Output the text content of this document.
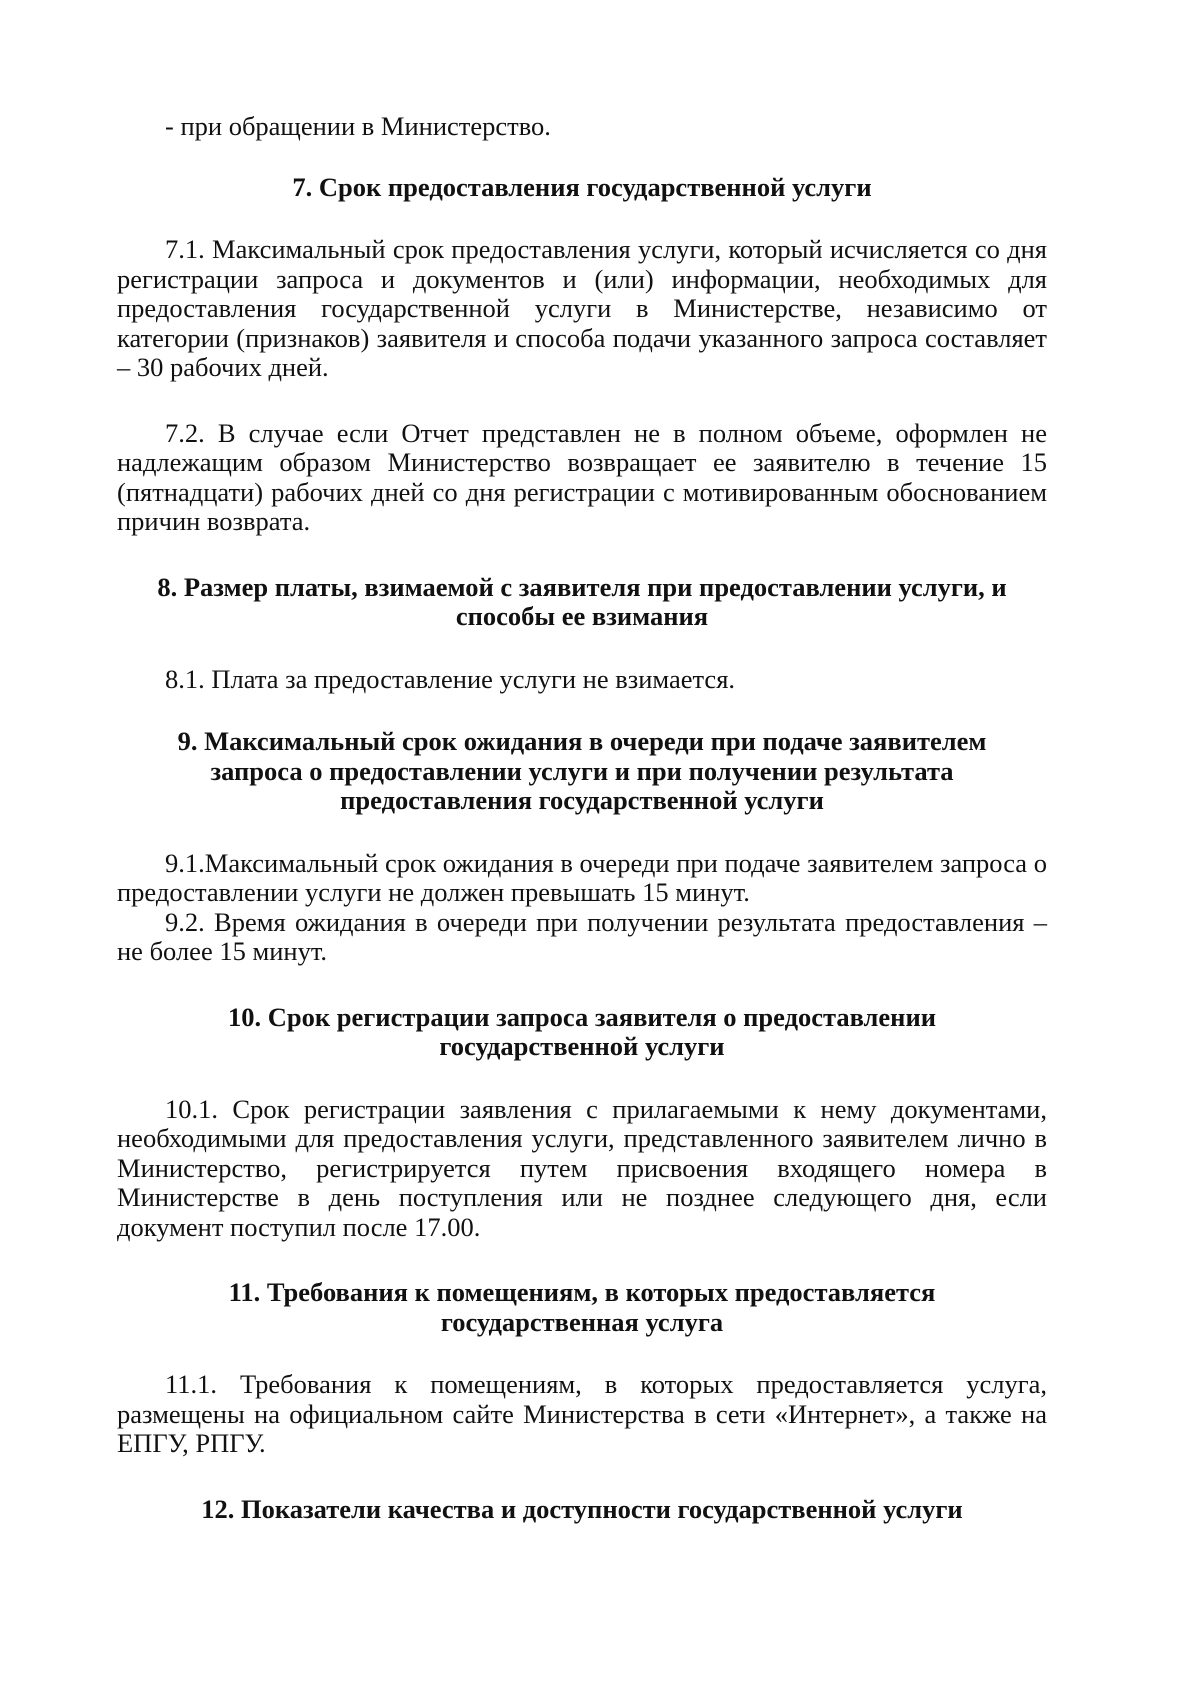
- при обращении в Министерство.

7. Срок предоставления государственной услуги

7.1. Максимальный срок предоставления услуги, который исчисляется со дня регистрации запроса и документов и (или) информации, необходимых для предоставления государственной услуги в Министерстве, независимо от категории (признаков) заявителя и способа подачи указанного запроса составляет – 30 рабочих дней.

7.2. В случае если Отчет представлен не в полном объеме, оформлен не надлежащим образом Министерство возвращает ее заявителю в течение 15 (пятнадцати) рабочих дней со дня регистрации с мотивированным обоснованием причин возврата.

8. Размер платы, взимаемой с заявителя при предоставлении услуги, и
способы ее взимания

8.1. Плата за предоставление услуги не взимается.

9. Максимальный срок ожидания в очереди при подаче заявителем
запроса о предоставлении услуги и при получении результата
предоставления государственной услуги

9.1.Максимальный срок ожидания в очереди при подаче заявителем запроса о предоставлении услуги не должен превышать 15 минут.

9.2. Время ожидания в очереди при получении результата предоставления – не более 15 минут.

10. Срок регистрации запроса заявителя о предоставлении
государственной услуги

10.1. Срок регистрации заявления с прилагаемыми к нему документами, необходимыми для предоставления услуги, представленного заявителем лично в Министерство, регистрируется путем присвоения входящего номера в Министерстве в день поступления или не позднее следующего дня, если документ поступил после 17.00.

11. Требования к помещениям, в которых предоставляется
государственная услуга

11.1. Требования к помещениям, в которых предоставляется услуга, размещены на официальном сайте Министерства в сети «Интернет», а также на ЕПГУ, РПГУ.

12. Показатели качества и доступности государственной услуги
